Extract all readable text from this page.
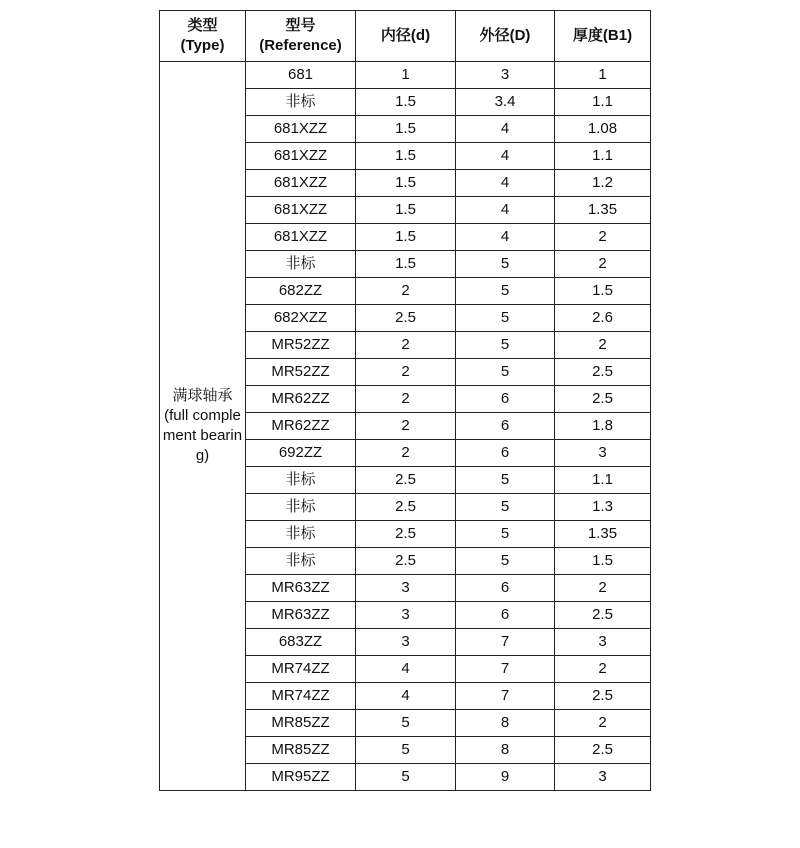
类型
(Type)	型号
(Reference)	内径(d)	外径(D)	厚度(B1)

满球轴承
(full complement bearing)	681	1	3	1
	非标	1.5	3.4	1.1
	681XZZ	1.5	4	1.08
	681XZZ	1.5	4	1.1
	681XZZ	1.5	4	1.2
	681XZZ	1.5	4	1.35
	681XZZ	1.5	4	2
	非标	1.5	5	2
	682ZZ	2	5	1.5
	682XZZ	2.5	5	2.6
	MR52ZZ	2	5	2
	MR52ZZ	2	5	2.5
	MR62ZZ	2	6	2.5
	MR62ZZ	2	6	1.8
	692ZZ	2	6	3
	非标	2.5	5	1.1
	非标	2.5	5	1.3
	非标	2.5	5	1.35
	非标	2.5	5	1.5
	MR63ZZ	3	6	2
	MR63ZZ	3	6	2.5
	683ZZ	3	7	3
	MR74ZZ	4	7	2
	MR74ZZ	4	7	2.5
	MR85ZZ	5	8	2
	MR85ZZ	5	8	2.5
	MR95ZZ	5	9	3
